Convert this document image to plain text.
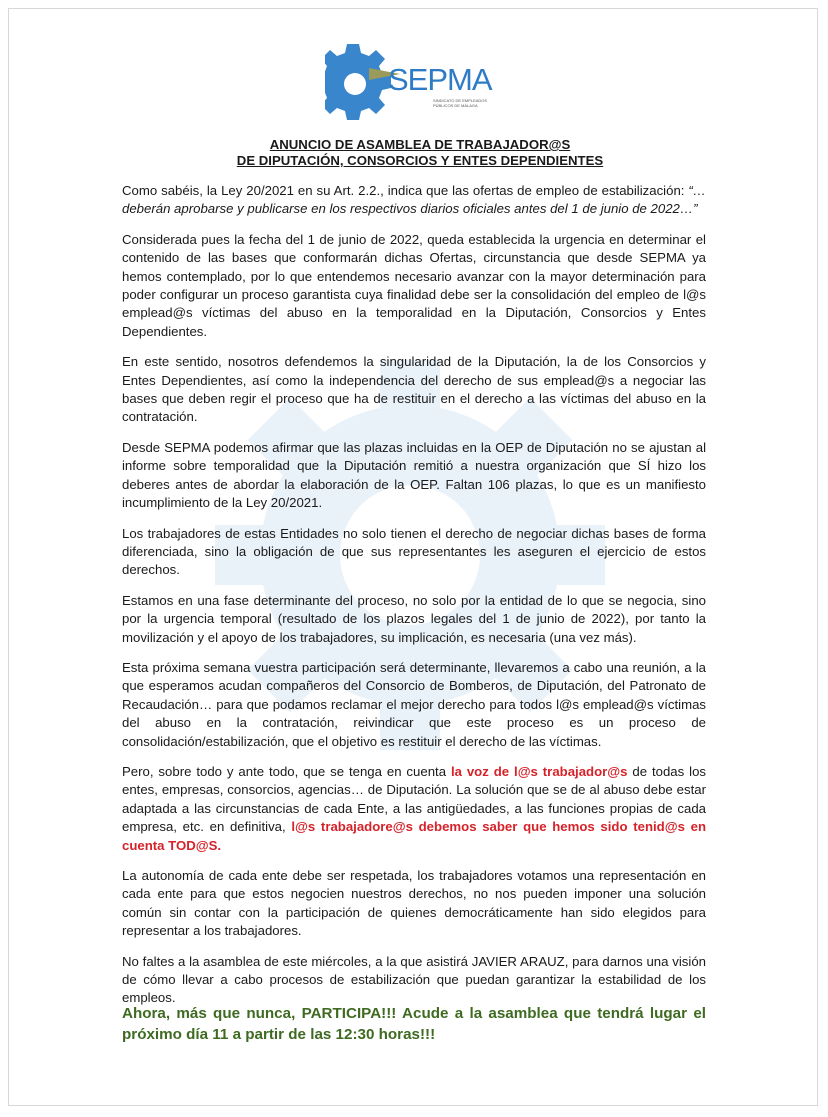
SEPMA
SINDICATO DE EMPLEADOS PÚBLICOS DE MÁLAGA
ANUNCIO DE ASAMBLEA DE TRABAJADOR@S
DE DIPUTACIÓN, CONSORCIOS Y ENTES DEPENDIENTES

Como sabéis, la Ley 20/2021 en su Art. 2.2., indica que las ofertas de empleo de estabilización: “…deberán aprobarse y publicarse en los respectivos diarios oficiales antes del 1 de junio de 2022…”

Considerada pues la fecha del 1 de junio de 2022, queda establecida la urgencia en determinar el contenido de las bases que conformarán dichas Ofertas, circunstancia que desde SEPMA ya hemos contemplado, por lo que entendemos necesario avanzar con la mayor determinación para poder configurar un proceso garantista cuya finalidad debe ser la consolidación del empleo de l@s emplead@s víctimas del abuso en la temporalidad en la Diputación, Consorcios y Entes Dependientes.

En este sentido, nosotros defendemos la singularidad de la Diputación, la de los Consorcios y Entes Dependientes, así como la independencia del derecho de sus emplead@s a negociar las bases que deben regir el proceso que ha de restituir en el derecho a las víctimas del abuso en la contratación.

Desde SEPMA podemos afirmar que las plazas incluidas en la OEP de Diputación no se ajustan al informe sobre temporalidad que la Diputación remitió a nuestra organización que SÍ hizo los deberes antes de abordar la elaboración de la OEP. Faltan 106 plazas, lo que es un manifiesto incumplimiento de la Ley 20/2021.

Los trabajadores de estas Entidades no solo tienen el derecho de negociar dichas bases de forma diferenciada, sino la obligación de que sus representantes les aseguren el ejercicio de estos derechos.

Estamos en una fase determinante del proceso, no solo por la entidad de lo que se negocia, sino por la urgencia temporal (resultado de los plazos legales del 1 de junio de 2022), por tanto la movilización y el apoyo de los trabajadores, su implicación, es necesaria (una vez más).

Esta próxima semana vuestra participación será determinante, llevaremos a cabo una reunión, a la que esperamos acudan compañeros del Consorcio de Bomberos, de Diputación, del Patronato de Recaudación… para que podamos reclamar el mejor derecho para todos l@s emplead@s víctimas del abuso en la contratación, reivindicar que este proceso es un proceso de consolidación/estabilización, que el objetivo es restituir el derecho de las víctimas.

Pero, sobre todo y ante todo, que se tenga en cuenta la voz de l@s trabajador@s de todas los entes, empresas, consorcios, agencias… de Diputación. La solución que se de al abuso debe estar adaptada a las circunstancias de cada Ente, a las antigüedades, a las funciones propias de cada empresa, etc. en definitiva, l@s trabajadore@s debemos saber que hemos sido tenid@s en cuenta TOD@S.

La autonomía de cada ente debe ser respetada, los trabajadores votamos una representación en cada ente para que estos negocien nuestros derechos, no nos pueden imponer una solución común sin contar con la participación de quienes democráticamente han sido elegidos para representar a los trabajadores.

No faltes a la asamblea de este miércoles, a la que asistirá JAVIER ARAUZ, para darnos una visión de cómo llevar a cabo procesos de estabilización que puedan garantizar la estabilidad de los empleos.

Ahora, más que nunca, PARTICIPA!!! Acude a la asamblea que tendrá lugar el próximo día 11 a partir de las 12:30 horas!!!
